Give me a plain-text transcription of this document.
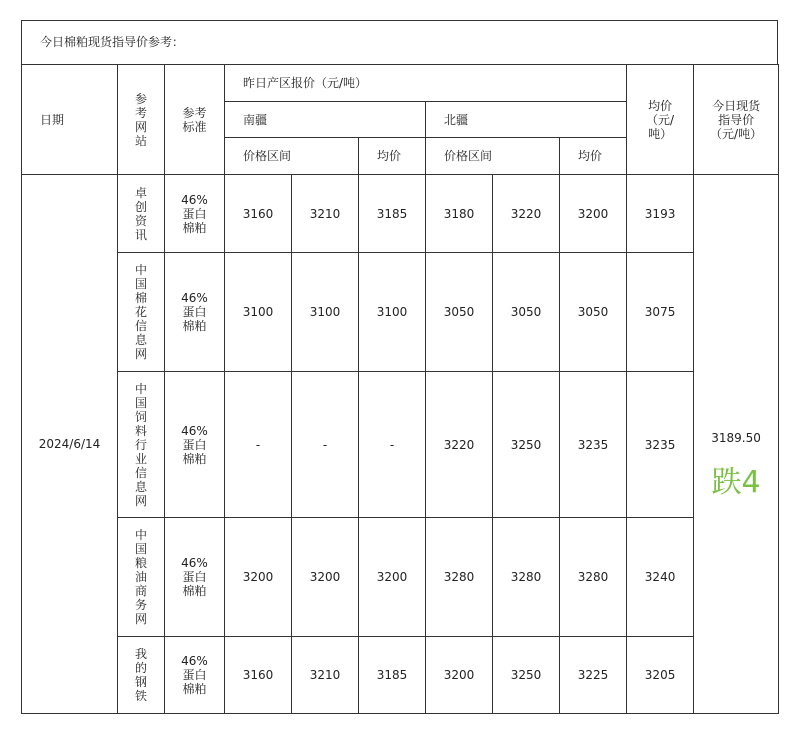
今日棉粕现货指导价参考：
日期	参考网站	参考标准	昨日产区报价（元/吨）						均价（元/吨）	今日现货指导价（元/吨）

			南疆			北疆				
			价格区间		均价	价格区间		均价		
2024/6/14	卓创资讯	46%蛋白棉粕	3160	3210	3185	3180	3220	3200	3193	3189.50
跌4

	中国棉花信息网	46%蛋白棉粕	3100	3100	3100	3050	3050	3050	3075	

	中国饲料行业信息网	46%蛋白棉粕	-	-	-	3220	3250	3235	3235	

	中国粮油商务网	46%蛋白棉粕	3200	3200	3200	3280	3280	3280	3240	

	我的钢铁	46%蛋白棉粕	3160	3210	3185	3200	3250	3225	3205	
